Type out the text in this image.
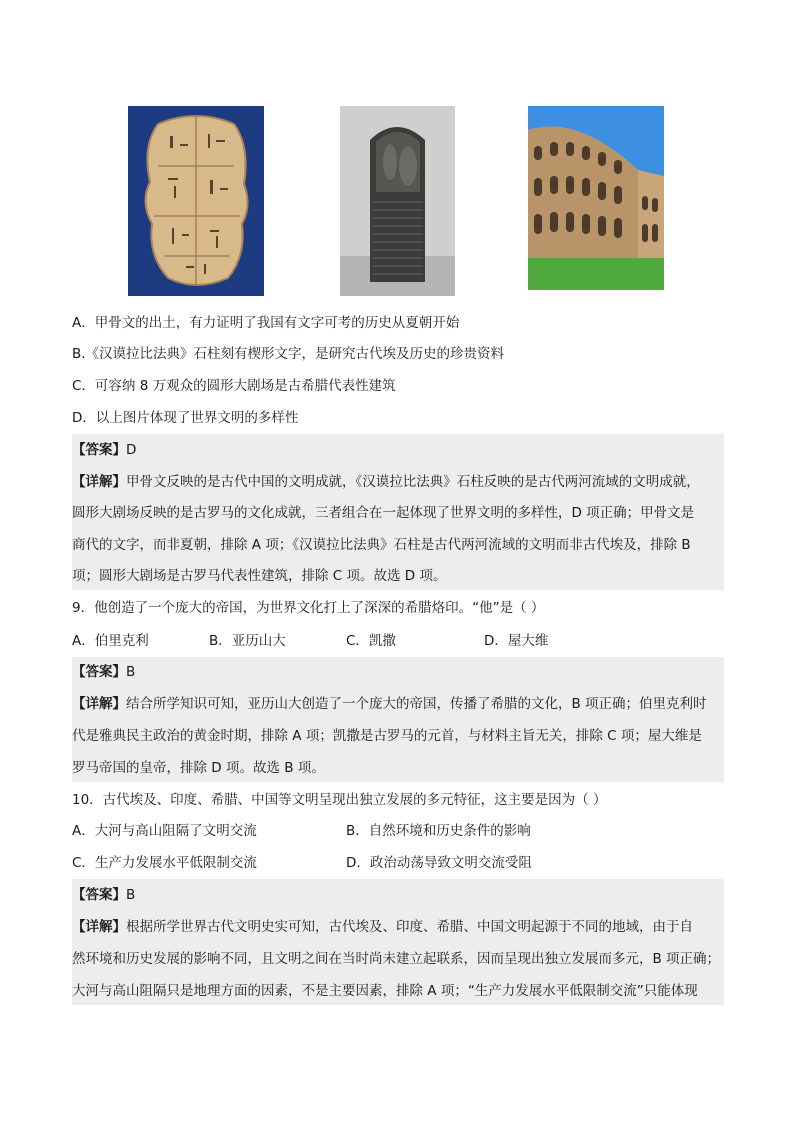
A．甲骨文的出土，有力证明了我国有文字可考的历史从夏朝开始
B.《汉谟拉比法典》石柱刻有楔形文字，是研究古代埃及历史的珍贵资料
C．可容纳 8 万观众的圆形大剧场是古希腊代表性建筑
D．以上图片体现了世界文明的多样性
【答案】D
【详解】甲骨文反映的是古代中国的文明成就，《汉谟拉比法典》石柱反映的是古代两河流域的文明成就，
圆形大剧场反映的是古罗马的文化成就，三者组合在一起体现了世界文明的多样性，D 项正确；甲骨文是
商代的文字，而非夏朝，排除 A 项；《汉谟拉比法典》石柱是古代两河流域的文明而非古代埃及，排除 B
项；圆形大剧场是古罗马代表性建筑，排除 C 项。故选 D 项。
9．他创造了一个庞大的帝国，为世界文化打上了深深的希腊烙印。“他”是（ ）
A．伯里克利	B．亚历山大	C．凯撒	D．屋大维
【答案】B
【详解】结合所学知识可知，亚历山大创造了一个庞大的帝国，传播了希腊的文化，B 项正确；伯里克利时
代是雅典民主政治的黄金时期，排除 A 项；凯撒是古罗马的元首，与材料主旨无关，排除 C 项；屋大维是
罗马帝国的皇帝，排除 D 项。故选 B 项。
10．古代埃及、印度、希腊、中国等文明呈现出独立发展的多元特征，这主要是因为（ ）
A．大河与高山阻隔了文明交流	B．自然环境和历史条件的影响
C．生产力发展水平低限制交流	D．政治动荡导致文明交流受阻
【答案】B
【详解】根据所学世界古代文明史实可知，古代埃及、印度、希腊、中国文明起源于不同的地域，由于自
然环境和历史发展的影响不同，且文明之间在当时尚未建立起联系，因而呈现出独立发展而多元，B 项正确；
大河与高山阻隔只是地理方面的因素，不是主要因素，排除 A 项；“生产力发展水平低限制交流”只能体现
